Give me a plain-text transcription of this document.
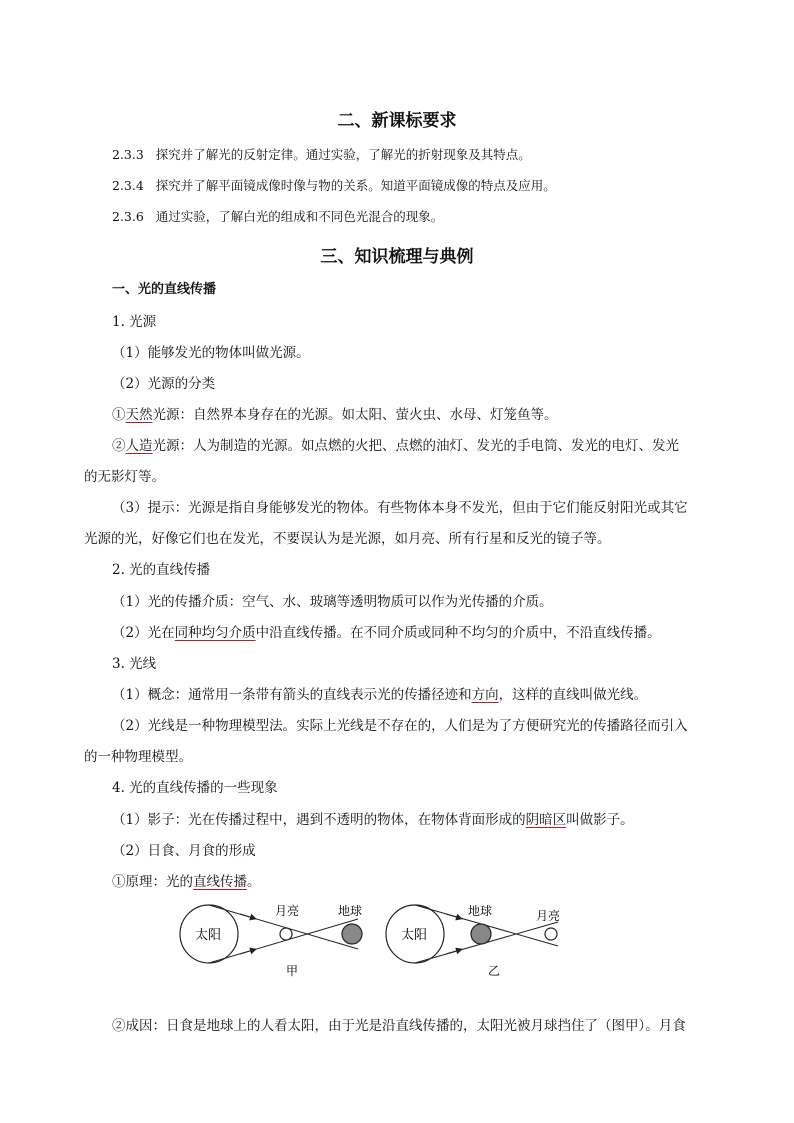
二、新课标要求
2.3.3 探究并了解光的反射定律。通过实验，了解光的折射现象及其特点。
2.3.4 探究并了解平面镜成像时像与物的关系。知道平面镜成像的特点及应用。
2.3.6 通过实验，了解白光的组成和不同色光混合的现象。
三、知识梳理与典例
一、光的直线传播
1. 光源
（1）能够发光的物体叫做光源。
（2）光源的分类
①天然光源：自然界本身存在的光源。如太阳、萤火虫、水母、灯笼鱼等。
②人造光源：人为制造的光源。如点燃的火把、点燃的油灯、发光的手电筒、发光的电灯、发光
的无影灯等。
（3）提示：光源是指自身能够发光的物体。有些物体本身不发光，但由于它们能反射阳光或其它
光源的光，好像它们也在发光，不要误认为是光源，如月亮、所有行星和反光的镜子等。
2. 光的直线传播
（1）光的传播介质：空气、水、玻璃等透明物质可以作为光传播的介质。
（2）光在同种均匀介质中沿直线传播。在不同介质或同种不均匀的介质中，不沿直线传播。
3. 光线
（1）概念：通常用一条带有箭头的直线表示光的传播径迹和方向，这样的直线叫做光线。
（2）光线是一种物理模型法。实际上光线是不存在的，人们是为了方便研究光的传播路径而引入
的一种物理模型。
4. 光的直线传播的一些现象
（1）影子：光在传播过程中，遇到不透明的物体，在物体背面形成的阴暗区叫做影子。
（2）日食、月食的形成
①原理：光的直线传播。
太阳
月亮	地球
甲
太阳
地球	月亮
乙
②成因：日食是地球上的人看太阳，由于光是沿直线传播的，太阳光被月球挡住了（图甲）。月食
